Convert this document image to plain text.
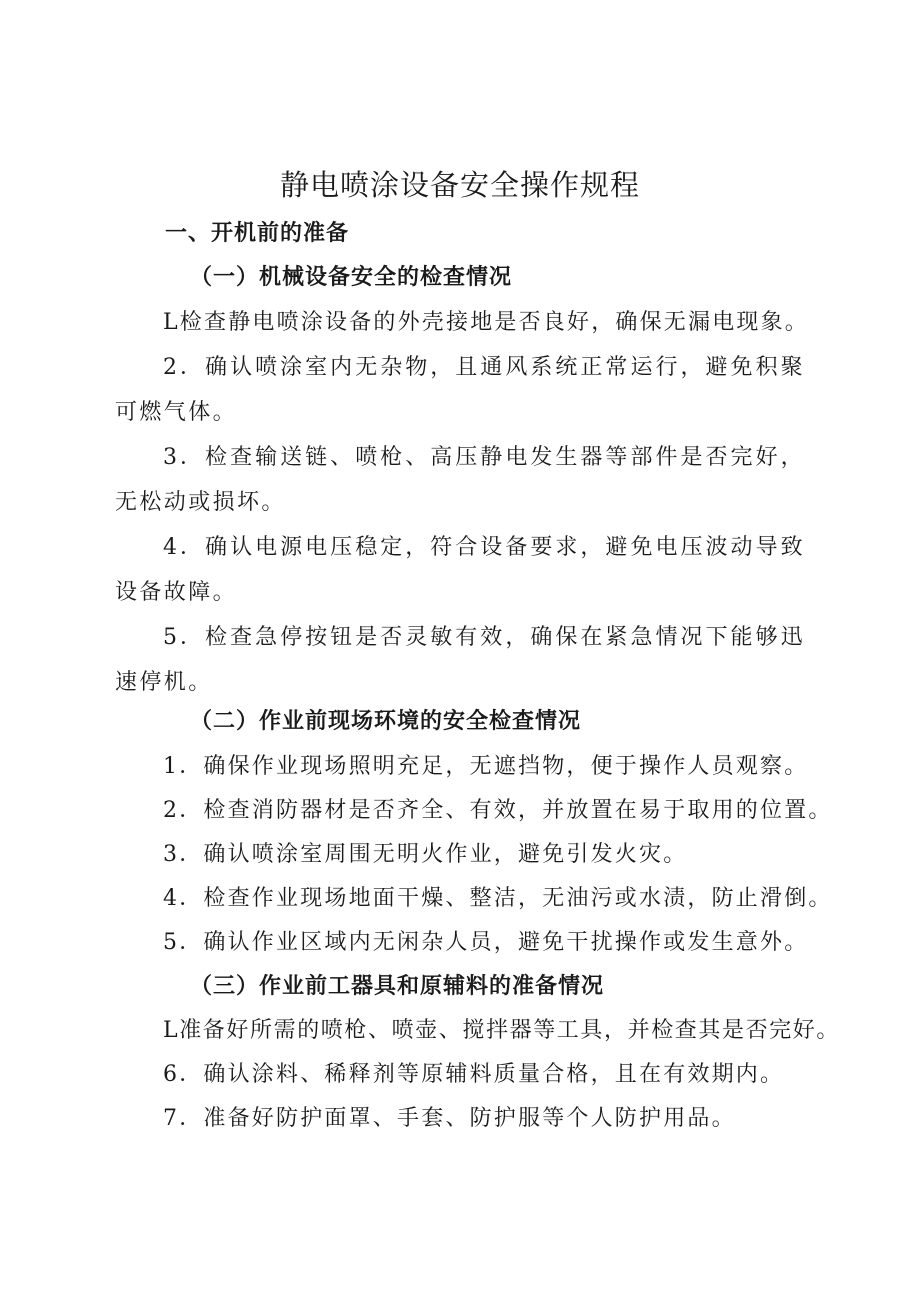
静电喷涂设备安全操作规程

一、开机前的准备

（一）机械设备安全的检查情况

L检查静电喷涂设备的外壳接地是否良好，确保无漏电现象。

2．确认喷涂室内无杂物，且通风系统正常运行，避免积聚可燃气体。

3．检查输送链、喷枪、高压静电发生器等部件是否完好，无松动或损坏。

4．确认电源电压稳定，符合设备要求，避免电压波动导致设备故障。

5．检查急停按钮是否灵敏有效，确保在紧急情况下能够迅速停机。

（二）作业前现场环境的安全检查情况

1．确保作业现场照明充足，无遮挡物，便于操作人员观察。

2．检查消防器材是否齐全、有效，并放置在易于取用的位置。

3．确认喷涂室周围无明火作业，避免引发火灾。

4．检查作业现场地面干燥、整洁，无油污或水渍，防止滑倒。

5．确认作业区域内无闲杂人员，避免干扰操作或发生意外。

（三）作业前工器具和原辅料的准备情况

L准备好所需的喷枪、喷壶、搅拌器等工具，并检查其是否完好。

6．确认涂料、稀释剂等原辅料质量合格，且在有效期内。

7．准备好防护面罩、手套、防护服等个人防护用品。
